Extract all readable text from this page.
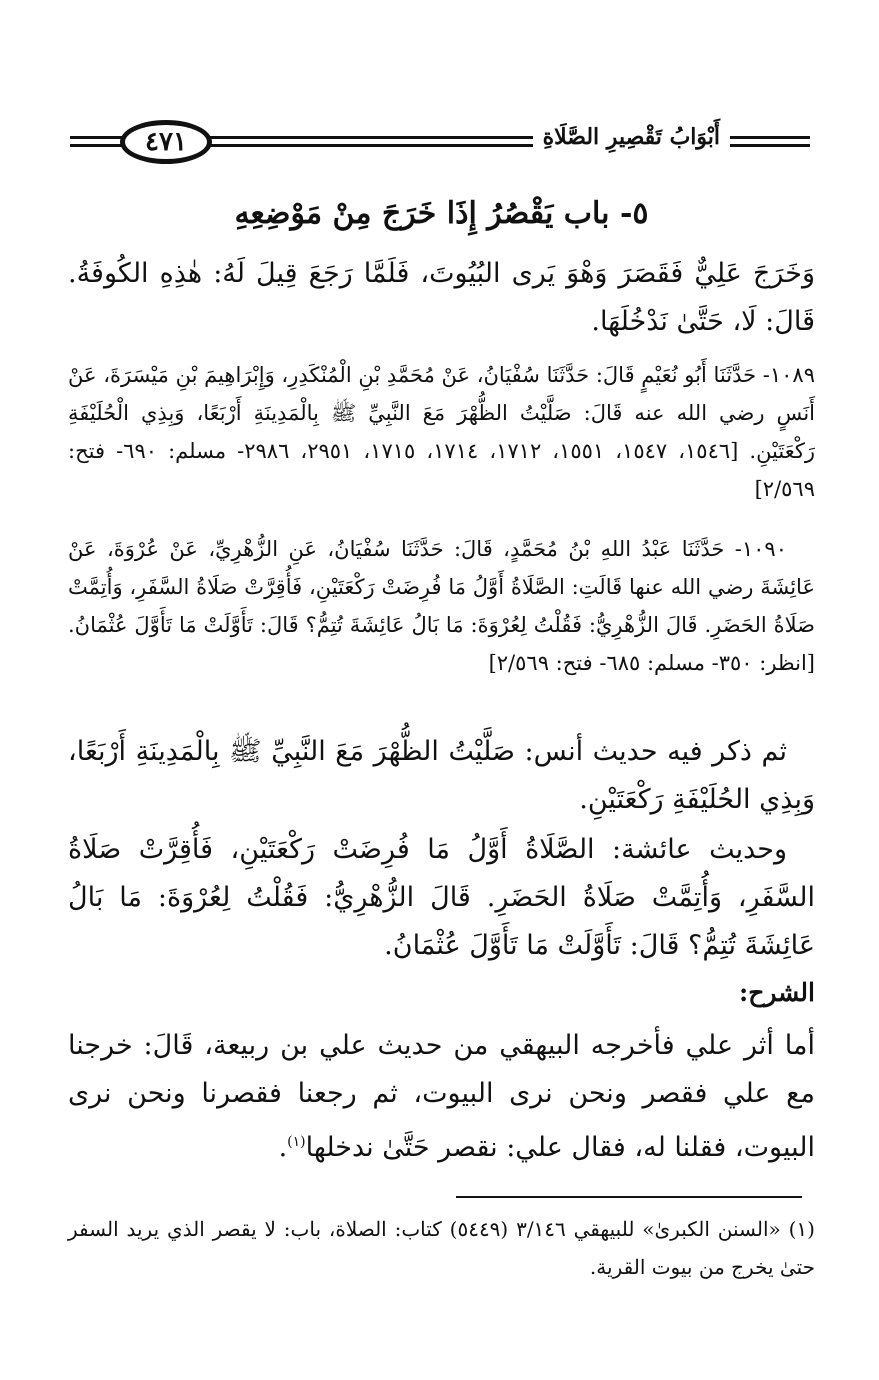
٤٧١	أَبْوَابُ تَقْصِيرِ الصَّلَاةِ
٥- باب يَقْصُرُ إِذَا خَرَجَ مِنْ مَوْضِعِهِ
وَخَرَجَ عَلِيٌّ فَقَصَرَ وَهْوَ يَرى البُيُوتَ، فَلَمَّا رَجَعَ قِيلَ لَهُ: هٰذِهِ الكُوفَةُ. قَالَ: لَا، حَتَّىٰ نَدْخُلَهَا.
١٠٨٩- حَدَّثَنَا أَبُو نُعَيْمٍ قَالَ: حَدَّثَنَا سُفْيَانُ، عَنْ مُحَمَّدِ بْنِ الْمُنْكَدِرِ، وَإِبْرَاهِيمَ بْنِ مَيْسَرَةَ، عَنْ أَنَسٍ رضي الله عنه قَالَ: صَلَّيْتُ الظُّهْرَ مَعَ النَّبِيِّ ﷺ بِالْمَدِينَةِ أَرْبَعًا، وَبِذِي الْحُلَيْفَةِ رَكْعَتَيْنِ. [١٥٤٦، ١٥٤٧، ١٥٥١، ١٧١٢، ١٧١٤، ١٧١٥، ٢٩٥١، ٢٩٨٦- مسلم: ٦٩٠- فتح: ٢/٥٦٩]
١٠٩٠- حَدَّثَنَا عَبْدُ اللهِ بْنُ مُحَمَّدٍ، قَالَ: حَدَّثَنَا سُفْيَانُ، عَنِ الزُّهْرِيِّ، عَنْ عُرْوَةَ، عَنْ عَائِشَةَ رضي الله عنها قَالَتِ: الصَّلَاةُ أَوَّلُ مَا فُرِضَتْ رَكْعَتَيْنِ، فَأُقِرَّتْ صَلَاةُ السَّفَرِ، وَأُتِمَّتْ صَلَاةُ الحَضَرِ. قَالَ الزُّهْرِيُّ: فَقُلْتُ لِعُرْوَةَ: مَا بَالُ عَائِشَةَ تُتِمُّ؟ قَالَ: تَأَوَّلَتْ مَا تَأَوَّلَ عُثْمَانُ. [انظر: ٣٥٠- مسلم: ٦٨٥- فتح: ٢/٥٦٩]
ثم ذكر فيه حديث أنس: صَلَّيْتُ الظُّهْرَ مَعَ النَّبِيِّ ﷺ بِالْمَدِينَةِ أَرْبَعًا، وَبِذِي الحُلَيْفَةِ رَكْعَتَيْنِ.
وحديث عائشة: الصَّلَاةُ أَوَّلُ مَا فُرِضَتْ رَكْعَتَيْنِ، فَأُقِرَّتْ صَلَاةُ السَّفَرِ، وَأُتِمَّتْ صَلَاةُ الحَضَرِ. قَالَ الزُّهْرِيُّ: فَقُلْتُ لِعُرْوَةَ: مَا بَالُ عَائِشَةَ تُتِمُّ؟ قَالَ: تَأَوَّلَتْ مَا تَأَوَّلَ عُثْمَانُ.
الشرح:
أما أثر علي فأخرجه البيهقي من حديث علي بن ربيعة، قَالَ: خرجنا مع علي فقصر ونحن نرى البيوت، ثم رجعنا فقصرنا ونحن نرى البيوت، فقلنا له، فقال علي: نقصر حَتَّىٰ ندخلها$^{(١)}$.
(١) «السنن الكبرىٰ» للبيهقي ٣/١٤٦ (٥٤٤٩) كتاب: الصلاة، باب: لا يقصر الذي يريد السفر حتىٰ يخرج من بيوت القرية.
